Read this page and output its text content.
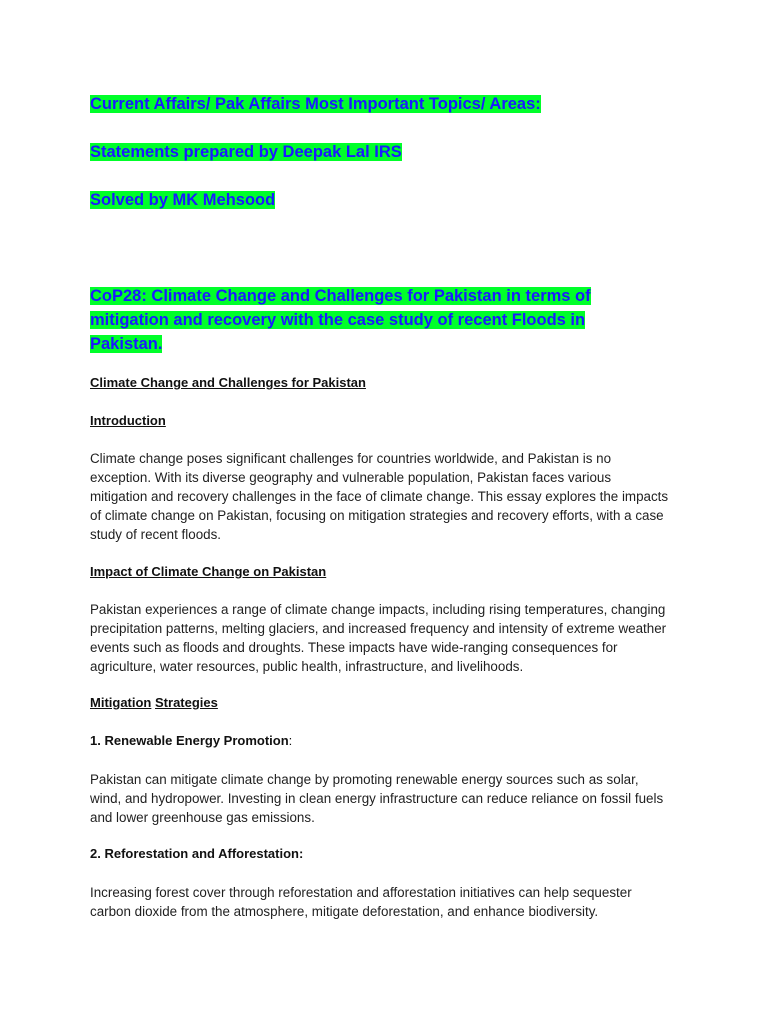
Current Affairs/ Pak Affairs Most Important Topics/ Areas:

Statements prepared by Deepak Lal IRS

Solved by MK Mehsood

CoP28: Climate Change and Challenges for Pakistan in terms of mitigation and recovery with the case study of recent Floods in Pakistan.

Climate Change and Challenges for Pakistan

Introduction

Climate change poses significant challenges for countries worldwide, and Pakistan is no exception. With its diverse geography and vulnerable population, Pakistan faces various mitigation and recovery challenges in the face of climate change. This essay explores the impacts of climate change on Pakistan, focusing on mitigation strategies and recovery efforts, with a case study of recent floods.

Impact of Climate Change on Pakistan

Pakistan experiences a range of climate change impacts, including rising temperatures, changing precipitation patterns, melting glaciers, and increased frequency and intensity of extreme weather events such as floods and droughts. These impacts have wide-ranging consequences for agriculture, water resources, public health, infrastructure, and livelihoods.

Mitigation Strategies

1. Renewable Energy Promotion:

Pakistan can mitigate climate change by promoting renewable energy sources such as solar, wind, and hydropower. Investing in clean energy infrastructure can reduce reliance on fossil fuels and lower greenhouse gas emissions.

2. Reforestation and Afforestation:

Increasing forest cover through reforestation and afforestation initiatives can help sequester carbon dioxide from the atmosphere, mitigate deforestation, and enhance biodiversity.
